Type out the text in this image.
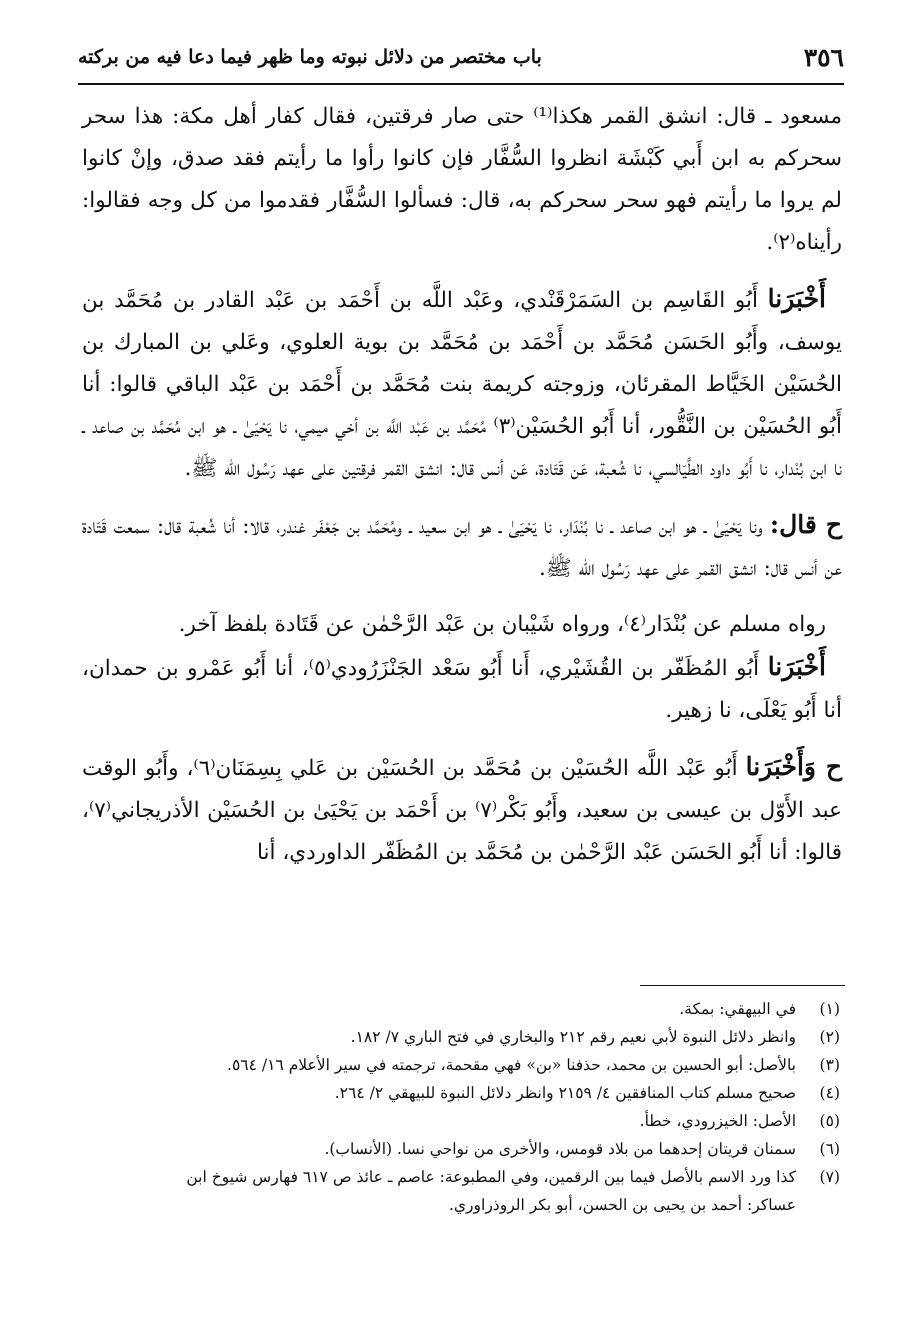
٣٥٦
باب مختصر من دلائل نبوته وما ظهر فيما دعا فيه من بركته

مسعود ـ قال: انشق القمر هكذا⁽¹⁾ حتى صار فرقتين، فقال كفار أهل مكة: هذا سحر سحركم به ابن أَبي كَبْشَة انظروا السُّفَّار فإن كانوا رأوا ما رأيتم فقد صدق، وإنْ كانوا لم يروا ما رأيتم فهو سحر سحركم به، قال: فسألوا السُّفَّار فقدموا من كل وجه فقالوا: رأيناه⁽٢⁾.

أَخْبَرَنا أَبُو القَاسِم بن السَمَرْقَنْدي، وعَبْد اللَّه بن أَحْمَد بن عَبْد القادر بن مُحَمَّد بن يوسف، وأَبُو الحَسَن مُحَمَّد بن أَحْمَد بن مُحَمَّد بن بوية العلوي، وعَلي بن المبارك بن الحُسَيْن الخَيَّاط المقرئان، وزوجته كريمة بنت مُحَمَّد بن أَحْمَد بن عَبْد الباقي قالوا: أنا أَبُو الحُسَيْن بن النَّقُّور، أنا أَبُو الحُسَيْن⁽٣⁾ مُحَمَّد بن عَبْد اللَّه بن أخي ميمي، نا يَحْيَىٰ ـ هو ابن مُحَمَّد بن صاعد ـ نا ابن بُنْدار، نا أَبُو داود الطَّيَالسي، نا شُعبة، عَن قَتَادة، عَن أنس قال: انشق القمر فرقتين على عهد رَسُول الله ﷺ.

ح قال: ونا يَحْيَىٰ ـ هو ابن صاعد ـ نا بُنْدَار، نا يَحْيَىٰ ـ هو ابن سعيد ـ ومُحَمَّد بن جَعْفَر غندر، قالا: أنا شُعبة قال: سمعت قَتَادة عن أنس قال: انشق القمر على عهد رَسُول الله ﷺ.

رواه مسلم عن بُنْدَار⁽٤⁾، ورواه شَيْبان بن عَبْد الرَّحْمٰن عن قَتَادة بلفظ آخر.

أَخْبَرَنا أَبُو المُظَفّر بن القُشَيْري، أَنا أَبُو سَعْد الجَنْزَرُودي⁽٥⁾، أنا أَبُو عَمْرو بن حمدان، أنا أَبُو يَعْلَى، نا زهير.

ح وَأَخْبَرَنا أَبُو عَبْد اللَّه الحُسَيْن بن مُحَمَّد بن الحُسَيْن بن عَلي بِسِمَنَان⁽٦⁾، وأَبُو الوقت عبد الأَوّل بن عيسى بن سعيد، وأَبُو بَكْر⁽٧⁾ بن أَحْمَد بن يَحْيَىٰ بن الحُسَيْن الأذريجاني⁽٧⁾، قالوا: أنا أَبُو الحَسَن عَبْد الرَّحْمٰن بن مُحَمَّد بن المُظَفّر الداوردي، أنا

(١)
في البيهقي: بمكة.
(٢)
وانظر دلائل النبوة لأبي نعيم رقم ٢١٢ والبخاري في فتح الباري ٧/ ١٨٢.
(٣)
بالأصل: أبو الحسين بن محمد، حذفنا «بن» فهي مقحمة، ترجمته في سير الأعلام ١٦/ ٥٦٤.
(٤)
صحيح مسلم كتاب المنافقين ٤/ ٢١٥٩ وانظر دلائل النبوة للبيهقي ٢/ ٢٦٤.
(٥)
الأصل: الخيزرودي، خطأ.
(٦)
سمنان قريتان إحدهما من بلاد قومس، والأخرى من نواحي نسا. (الأنساب).
(٧)
كذا ورد الاسم بالأصل فيما بين الرقمين، وفي المطبوعة: عاصم ـ عائذ ص ٦١٧ فهارس شيوخ ابن
عساكر: أحمد بن يحيى بن الحسن، أبو بكر الروذراوري.
